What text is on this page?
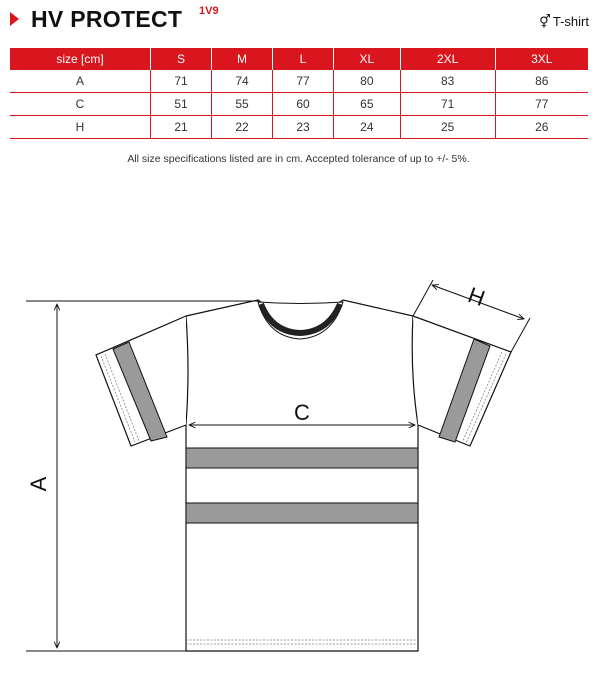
HV PROTECT 1V9
⚥ T-shirt
size [cm]	S	M	L	XL	2XL	3XL
A	71	74	77	80	83	86
C	51	55	60	65	71	77
H	21	22	23	24	25	26
All size specifications listed are in cm. Accepted tolerance of up to +/- 5%.
A
C
H
